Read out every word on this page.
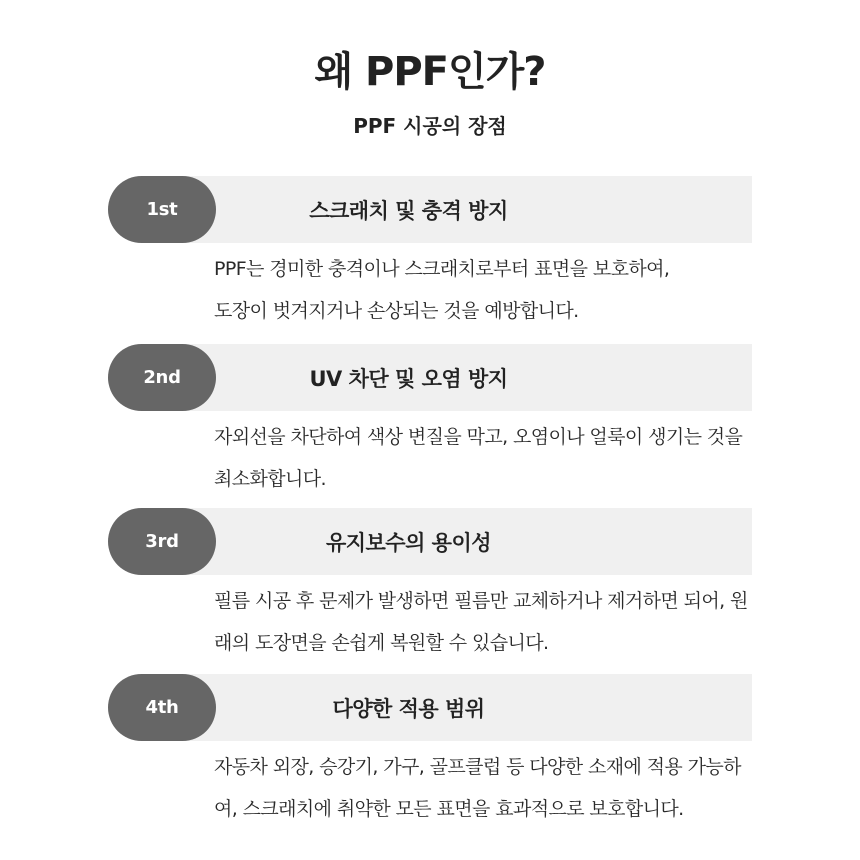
왜 PPF인가?
PPF 시공의 장점
1st	스크래치 및 충격 방지
PPF는 경미한 충격이나 스크래치로부터 표면을 보호하여,
도장이 벗겨지거나 손상되는 것을 예방합니다.
2nd	UV 차단 및 오염 방지
자외선을 차단하여 색상 변질을 막고, 오염이나 얼룩이 생기는 것을
최소화합니다.
3rd	유지보수의 용이성
필름 시공 후 문제가 발생하면 필름만 교체하거나 제거하면 되어, 원
래의 도장면을 손쉽게 복원할 수 있습니다.
4th	다양한 적용 범위
자동차 외장, 승강기, 가구, 골프클럽 등 다양한 소재에 적용 가능하
여, 스크래치에 취약한 모든 표면을 효과적으로 보호합니다.
